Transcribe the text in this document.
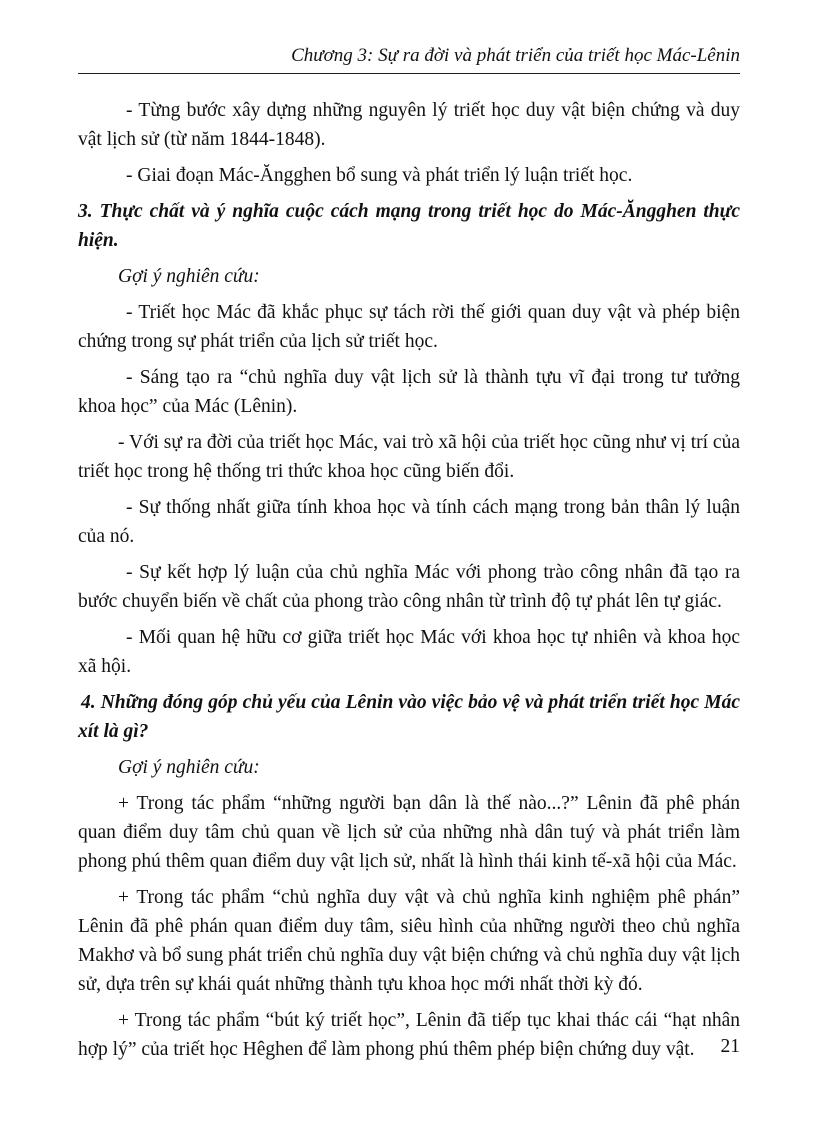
Chương 3: Sự ra đời và phát triển của triết học Mác-Lênin

- Từng bước xây dựng những nguyên lý triết học duy vật biện chứng và duy vật lịch sử (từ năm 1844-1848).

- Giai đoạn Mác-Ăngghen bổ sung và phát triển lý luận triết học.

3. Thực chất và ý nghĩa cuộc cách mạng trong triết học do Mác-Ăngghen thực hiện.

Gợi ý nghiên cứu:

- Triết học Mác đã khắc phục sự tách rời thế giới quan duy vật và phép biện chứng trong sự phát triển của lịch sử triết học.

- Sáng tạo ra “chủ nghĩa duy vật lịch sử là thành tựu vĩ đại trong tư tưởng khoa học” của Mác (Lênin).

- Với sự ra đời của triết học Mác, vai trò xã hội của triết học cũng như vị trí của triết học trong hệ thống tri thức khoa học cũng biến đổi.

- Sự thống nhất giữa tính khoa học và tính cách mạng trong bản thân lý luận của nó.

- Sự kết hợp lý luận của chủ nghĩa Mác với phong trào công nhân đã tạo ra bước chuyển biến về chất của phong trào công nhân từ trình độ tự phát lên tự giác.

- Mối quan hệ hữu cơ giữa triết học Mác với khoa học tự nhiên và khoa học xã hội.

4. Những đóng góp chủ yếu của Lênin vào việc bảo vệ và phát triển triết học Mác xít là gì?

Gợi ý nghiên cứu:

+ Trong tác phẩm “những người bạn dân là thế nào...?” Lênin đã phê phán quan điểm duy tâm chủ quan về lịch sử của những nhà dân tuý và phát triển làm phong phú thêm quan điểm duy vật lịch sử, nhất là hình thái kinh tế-xã hội của Mác.

+ Trong tác phẩm “chủ nghĩa duy vật và chủ nghĩa kinh nghiệm phê phán” Lênin đã phê phán quan điểm duy tâm, siêu hình của những người theo chủ nghĩa Makhơ và bổ sung phát triển chủ nghĩa duy vật biện chứng và chủ nghĩa duy vật lịch sử, dựa trên sự khái quát những thành tựu khoa học mới nhất thời kỳ đó.

+ Trong tác phẩm “bút ký triết học”, Lênin đã tiếp tục khai thác cái “hạt nhân hợp lý” của triết học Hêghen để làm phong phú thêm phép biện chứng duy vật.	21
